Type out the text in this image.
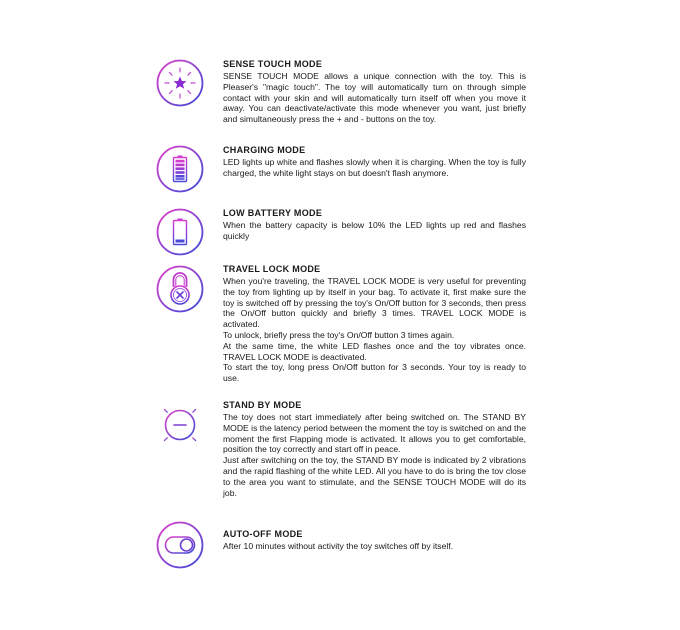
SENSE TOUCH MODE

SENSE TOUCH MODE allows a unique connection with the toy. This is Pleaser's "magic touch". The toy will automatically turn on through simple contact with your skin and will automatically turn itself off when you move it away. You can deactivate/activate this mode whenever you want, just briefly and simultaneously press the + and - buttons on the toy.

CHARGING MODE

LED lights up white and flashes slowly when it is charging. When the toy is fully charged, the white light stays on but doesn't flash anymore.

LOW BATTERY MODE

When the battery capacity is below 10% the LED lights up red and flashes quickly

TRAVEL LOCK MODE

When you're traveling, the TRAVEL LOCK MODE is very useful for preventing the toy from lighting up by itself in your bag. To activate it, first make sure the toy is switched off by pressing the toy's On/Off button for 3 seconds, then press the On/Off button quickly and briefly 3 times. TRAVEL LOCK MODE is activated.

To unlock, briefly press the toy's On/Off button 3 times again.

At the same time, the white LED flashes once and the toy vibrates once. TRAVEL LOCK MODE is deactivated.

To start the toy, long press On/Off button for 3 seconds. Your toy is ready to use.

STAND BY MODE

The toy does not start immediately after being switched on. The STAND BY MODE is the latency period between the moment the toy is switched on and the moment the first Flapping mode is activated. It allows you to get comfortable, position the toy correctly and start off in peace.

Just after switching on the toy, the STAND BY mode is indicated by 2 vibrations and the rapid flashing of the white LED. All you have to do is bring the tov close to the area you want to stimulate, and the SENSE TOUCH MODE will do its job.

AUTO-OFF MODE

After 10 minutes without activity the toy switches off by itself.
